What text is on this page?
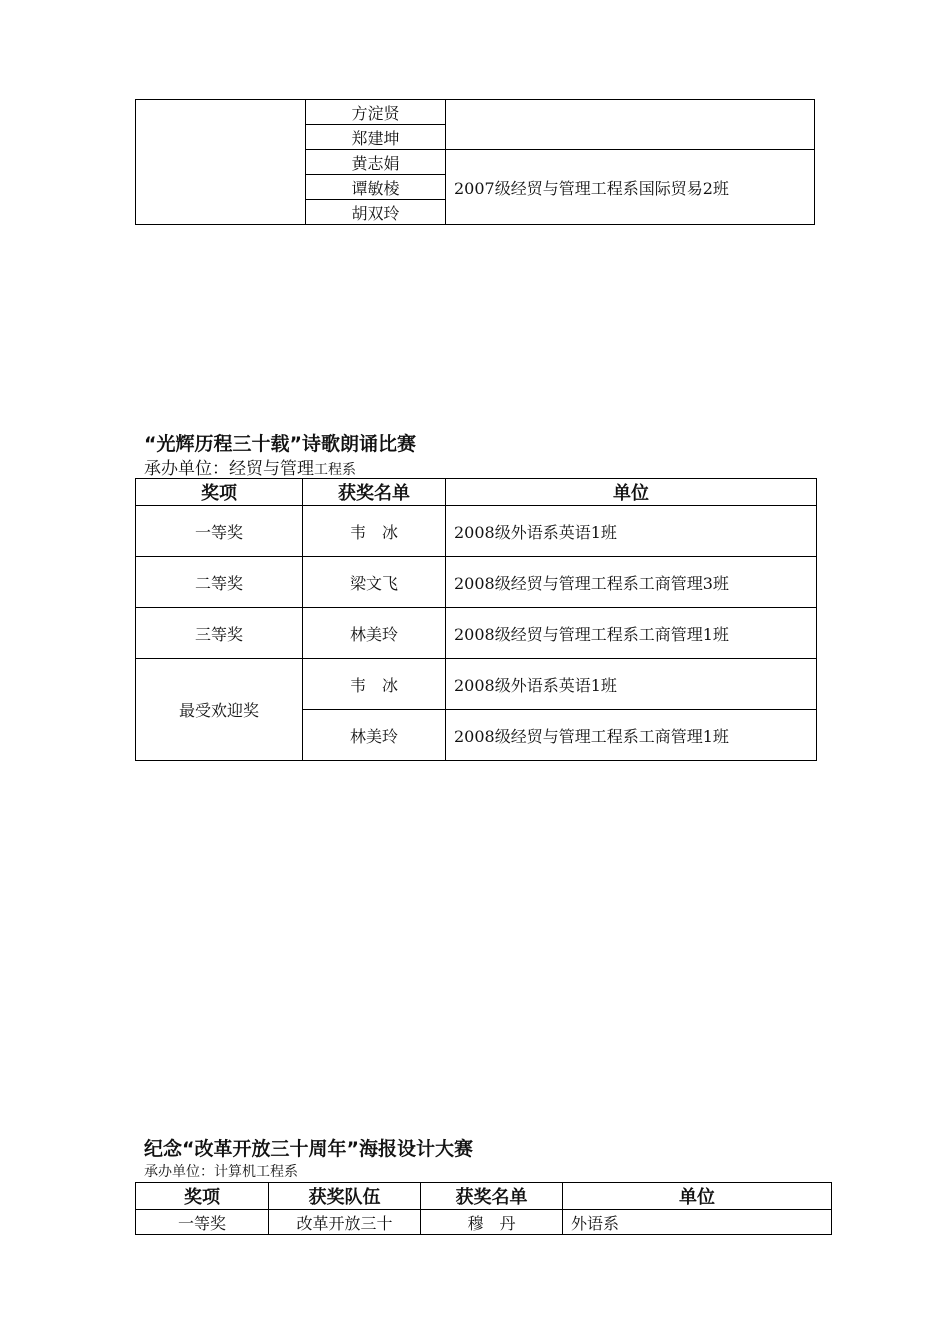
	方淀贤	
	郑建坤	
	黄志娟	2007级经贸与管理工程系国际贸易2班
	谭敏棱	
	胡双玲	
“光辉历程三十载”诗歌朗诵比赛
承办单位：经贸与管理工程系
奖项	获奖名单	单位
一等奖	韦　冰	2008级外语系英语1班
二等奖	梁文飞	2008级经贸与管理工程系工商管理3班
三等奖	林美玲	2008级经贸与管理工程系工商管理1班
最受欢迎奖	韦　冰	2008级外语系英语1班
	林美玲	2008级经贸与管理工程系工商管理1班
纪念“改革开放三十周年”海报设计大赛
承办单位：计算机工程系
奖项	获奖队伍	获奖名单	单位
一等奖	改革开放三十	穆　丹	外语系
